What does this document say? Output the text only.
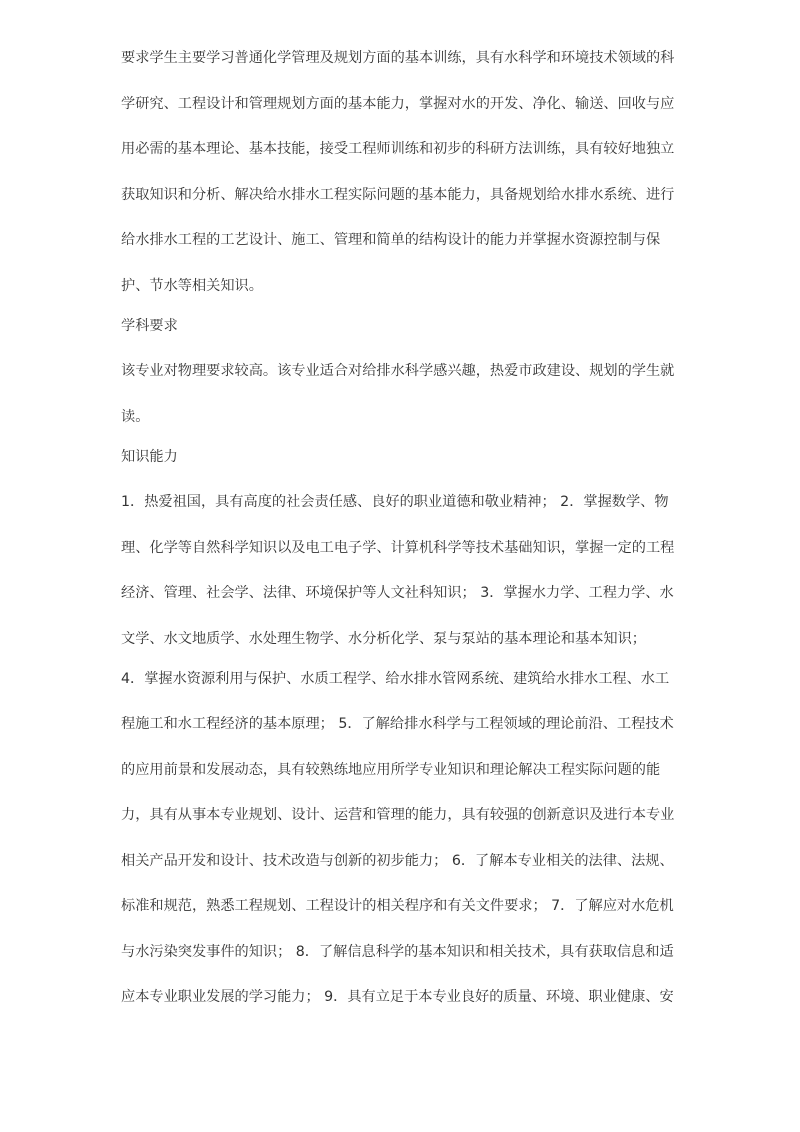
要求学生主要学习普通化学管理及规划方面的基本训练，具有水科学和环境技术领域的科
学研究、工程设计和管理规划方面的基本能力，掌握对水的开发、净化、输送、回收与应
用必需的基本理论、基本技能，接受工程师训练和初步的科研方法训练，具有较好地独立
获取知识和分析、解决给水排水工程实际问题的基本能力，具备规划给水排水系统、进行
给水排水工程的工艺设计、施工、管理和简单的结构设计的能力并掌握水资源控制与保
护、节水等相关知识。
学科要求
该专业对物理要求较高。该专业适合对给排水科学感兴趣，热爱市政建设、规划的学生就
读。
知识能力
1．热爱祖国，具有高度的社会责任感、良好的职业道德和敬业精神； 2．掌握数学、物
理、化学等自然科学知识以及电工电子学、计算机科学等技术基础知识，掌握一定的工程
经济、管理、社会学、法律、环境保护等人文社科知识； 3．掌握水力学、工程力学、水
文学、水文地质学、水处理生物学、水分析化学、泵与泵站的基本理论和基本知识；
4．掌握水资源利用与保护、水质工程学、给水排水管网系统、建筑给水排水工程、水工
程施工和水工程经济的基本原理； 5．了解给排水科学与工程领域的理论前沿、工程技术
的应用前景和发展动态，具有较熟练地应用所学专业知识和理论解决工程实际问题的能
力，具有从事本专业规划、设计、运营和管理的能力，具有较强的创新意识及进行本专业
相关产品开发和设计、技术改造与创新的初步能力； 6．了解本专业相关的法律、法规、
标准和规范，熟悉工程规划、工程设计的相关程序和有关文件要求； 7．了解应对水危机
与水污染突发事件的知识； 8．了解信息科学的基本知识和相关技术，具有获取信息和适
应本专业职业发展的学习能力； 9．具有立足于本专业良好的质量、环境、职业健康、安
